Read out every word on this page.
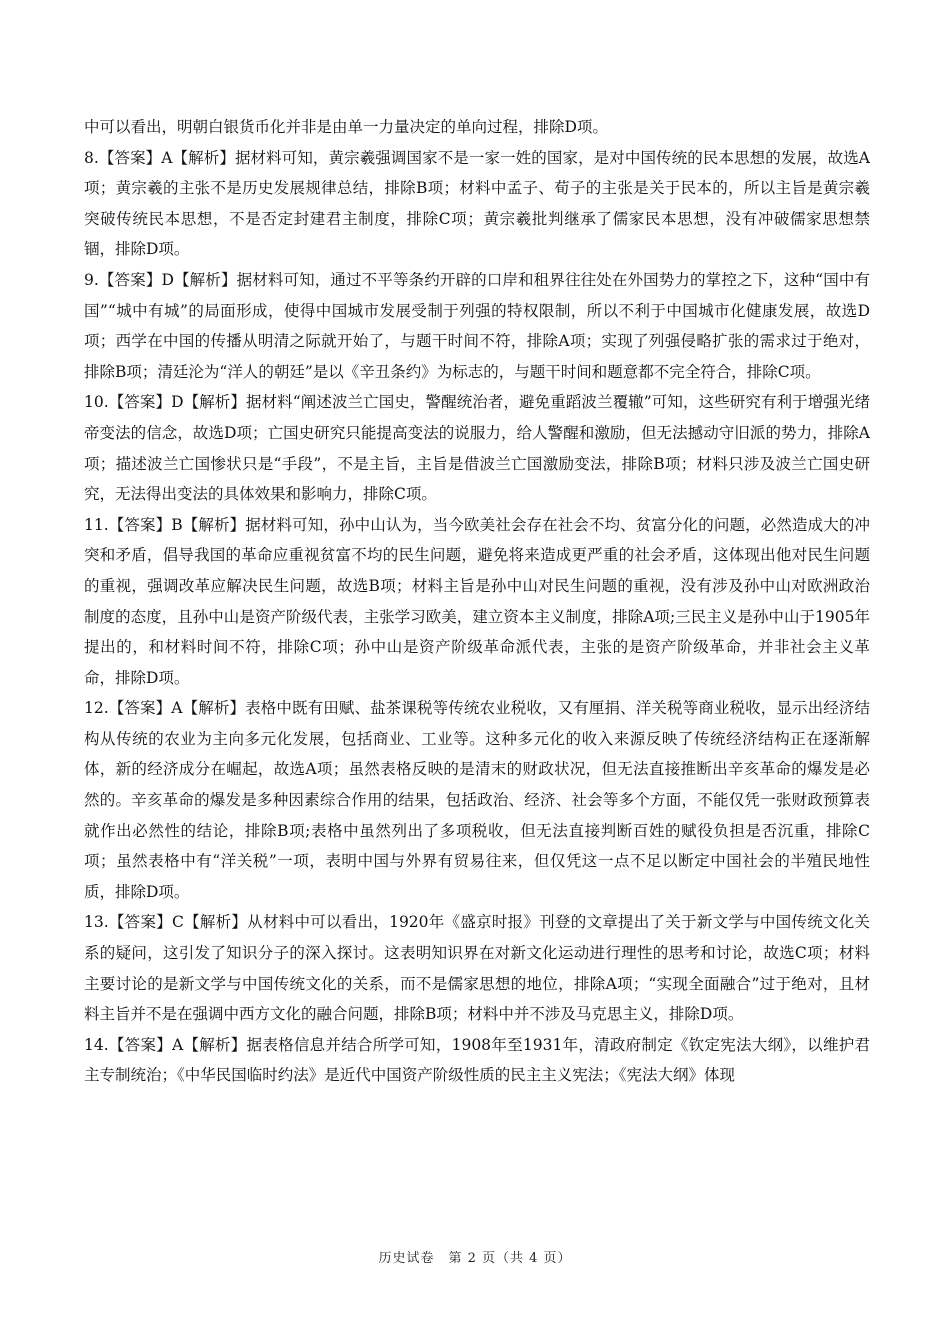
中可以看出，明朝白银货币化并非是由单一力量决定的单向过程，排除D项。

8.【答案】A【解析】据材料可知，黄宗羲强调国家不是一家一姓的国家，是对中国传统的民本思想的发展，故选A项；黄宗羲的主张不是历史发展规律总结，排除B项；材料中孟子、荀子的主张是关于民本的，所以主旨是黄宗羲突破传统民本思想，不是否定封建君主制度，排除C项；黄宗羲批判继承了儒家民本思想，没有冲破儒家思想禁锢，排除D项。

9.【答案】D【解析】据材料可知，通过不平等条约开辟的口岸和租界往往处在外国势力的掌控之下，这种“国中有国”“城中有城”的局面形成，使得中国城市发展受制于列强的特权限制，所以不利于中国城市化健康发展，故选D项；西学在中国的传播从明清之际就开始了，与题干时间不符，排除A项；实现了列强侵略扩张的需求过于绝对，排除B项；清廷沦为“洋人的朝廷”是以《辛丑条约》为标志的，与题干时间和题意都不完全符合，排除C项。

10.【答案】D【解析】据材料“阐述波兰亡国史，警醒统治者，避免重蹈波兰覆辙”可知，这些研究有利于增强光绪帝变法的信念，故选D项；亡国史研究只能提高变法的说服力，给人警醒和激励，但无法撼动守旧派的势力，排除A项；描述波兰亡国惨状只是“手段”，不是主旨，主旨是借波兰亡国激励变法，排除B项；材料只涉及波兰亡国史研究，无法得出变法的具体效果和影响力，排除C项。

11.【答案】B【解析】据材料可知，孙中山认为，当今欧美社会存在社会不均、贫富分化的问题，必然造成大的冲突和矛盾，倡导我国的革命应重视贫富不均的民生问题，避免将来造成更严重的社会矛盾，这体现出他对民生问题的重视，强调改革应解决民生问题，故选B项；材料主旨是孙中山对民生问题的重视，没有涉及孙中山对欧洲政治制度的态度，且孙中山是资产阶级代表，主张学习欧美，建立资本主义制度，排除A项;三民主义是孙中山于1905年提出的，和材料时间不符，排除C项；孙中山是资产阶级革命派代表，主张的是资产阶级革命，并非社会主义革命，排除D项。

12.【答案】A【解析】表格中既有田赋、盐茶课税等传统农业税收，又有厘捐、洋关税等商业税收，显示出经济结构从传统的农业为主向多元化发展，包括商业、工业等。这种多元化的收入来源反映了传统经济结构正在逐渐解体，新的经济成分在崛起，故选A项；虽然表格反映的是清末的财政状况，但无法直接推断出辛亥革命的爆发是必然的。辛亥革命的爆发是多种因素综合作用的结果，包括政治、经济、社会等多个方面，不能仅凭一张财政预算表就作出必然性的结论，排除B项;表格中虽然列出了多项税收，但无法直接判断百姓的赋役负担是否沉重，排除C项；虽然表格中有“洋关税”一项，表明中国与外界有贸易往来，但仅凭这一点不足以断定中国社会的半殖民地性质，排除D项。

13.【答案】C【解析】从材料中可以看出，1920年《盛京时报》刊登的文章提出了关于新文学与中国传统文化关系的疑问，这引发了知识分子的深入探讨。这表明知识界在对新文化运动进行理性的思考和讨论，故选C项；材料主要讨论的是新文学与中国传统文化的关系，而不是儒家思想的地位，排除A项；“实现全面融合”过于绝对，且材料主旨并不是在强调中西方文化的融合问题，排除B项；材料中并不涉及马克思主义，排除D项。

14.【答案】A【解析】据表格信息并结合所学可知，1908年至1931年，清政府制定《钦定宪法大纲》，以维护君主专制统治；《中华民国临时约法》是近代中国资产阶级性质的民主主义宪法；《宪法大纲》体现

历史试卷　第 2 页（共 4 页）
